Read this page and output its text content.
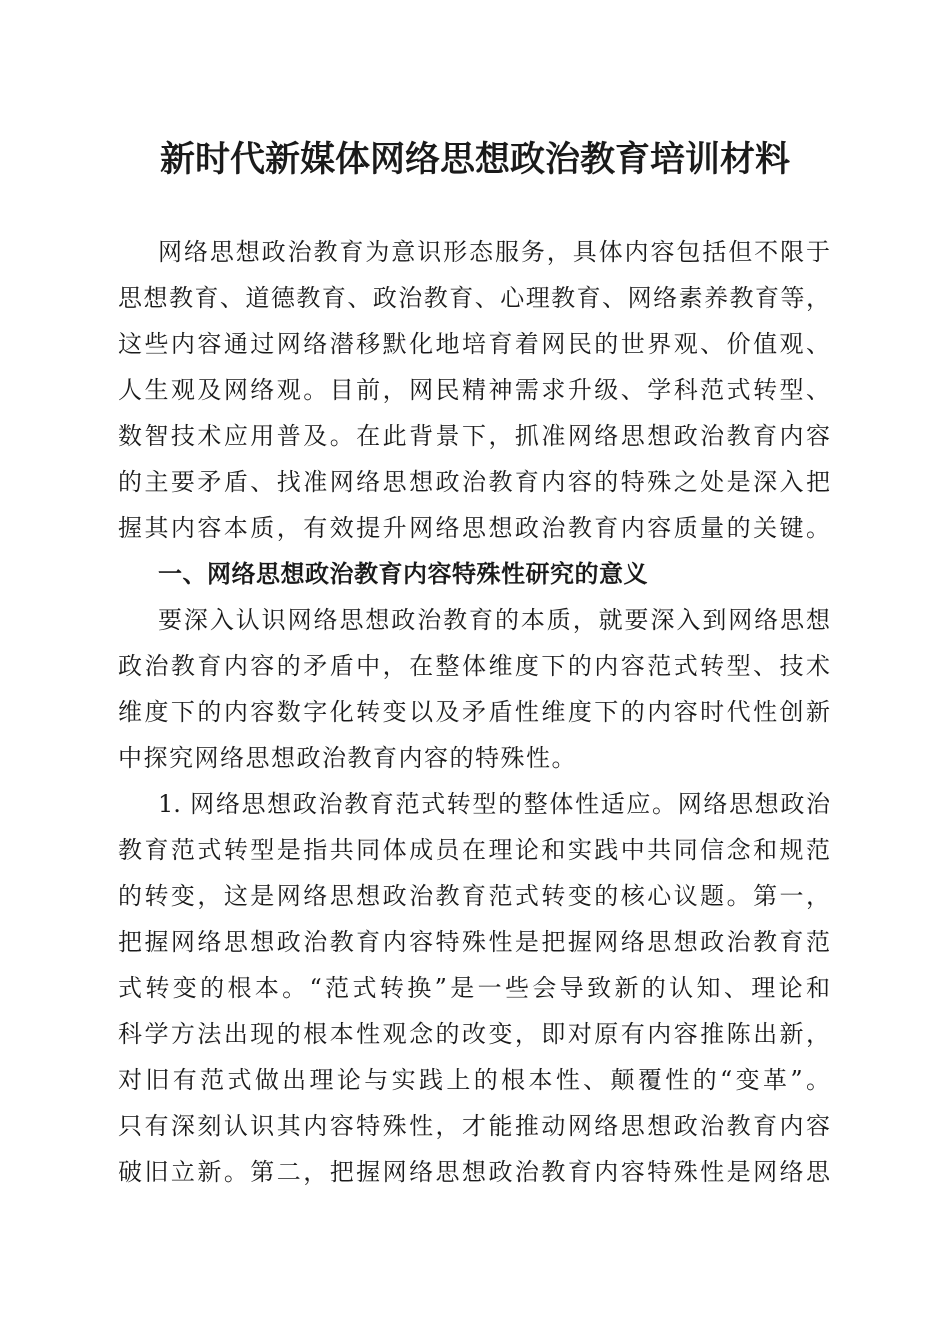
新时代新媒体网络思想政治教育培训材料
网络思想政治教育为意识形态服务，具体内容包括但不限于
思想教育、道德教育、政治教育、心理教育、网络素养教育等，
这些内容通过网络潜移默化地培育着网民的世界观、价值观、
人生观及网络观。目前，网民精神需求升级、学科范式转型、
数智技术应用普及。在此背景下，抓准网络思想政治教育内容
的主要矛盾、找准网络思想政治教育内容的特殊之处是深入把
握其内容本质，有效提升网络思想政治教育内容质量的关键。
一、网络思想政治教育内容特殊性研究的意义
要深入认识网络思想政治教育的本质，就要深入到网络思想
政治教育内容的矛盾中，在整体维度下的内容范式转型、技术
维度下的内容数字化转变以及矛盾性维度下的内容时代性创新
中探究网络思想政治教育内容的特殊性。
1. 网络思想政治教育范式转型的整体性适应。网络思想政治
教育范式转型是指共同体成员在理论和实践中共同信念和规范
的转变，这是网络思想政治教育范式转变的核心议题。第一，
把握网络思想政治教育内容特殊性是把握网络思想政治教育范
式转变的根本。“范式转换”是一些会导致新的认知、理论和
科学方法出现的根本性观念的改变，即对原有内容推陈出新，
对旧有范式做出理论与实践上的根本性、颠覆性的“变革”。
只有深刻认识其内容特殊性，才能推动网络思想政治教育内容
破旧立新。第二，把握网络思想政治教育内容特殊性是网络思
